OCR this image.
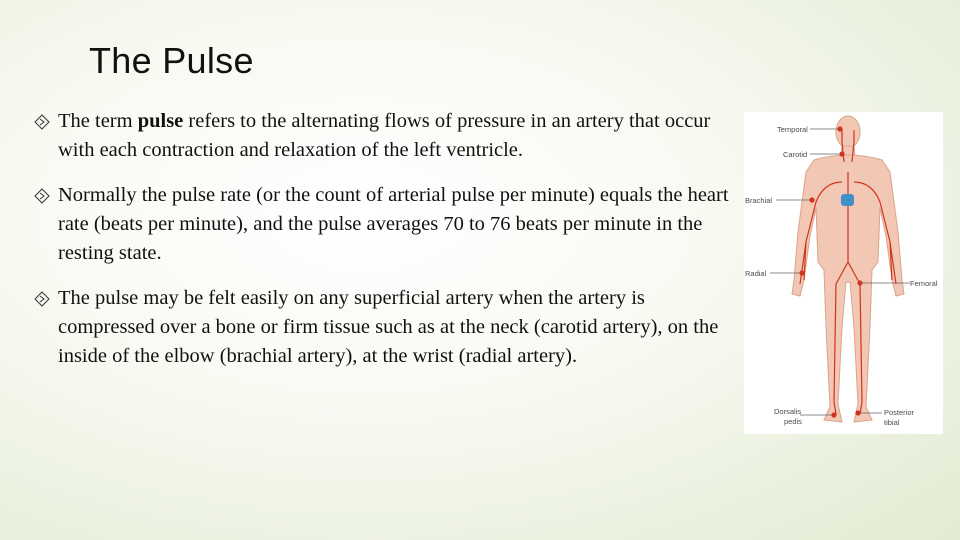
The Pulse
The term pulse refers to the alternating flows of pressure in an artery that occur with each contraction and relaxation of the left ventricle.
Normally the pulse rate (or the count of arterial pulse per minute) equals the heart rate (beats per minute), and the pulse averages 70 to 76 beats per minute in the resting state.
The pulse may be felt easily on any superficial artery when the artery is compressed over a bone or firm tissue such as at the neck (carotid artery), on the inside of the elbow (brachial artery), at the wrist (radial artery).
Temporal
Carotid
Brachial
Radial
Femoral
Dorsalis
pedis
Posterior
tibial
